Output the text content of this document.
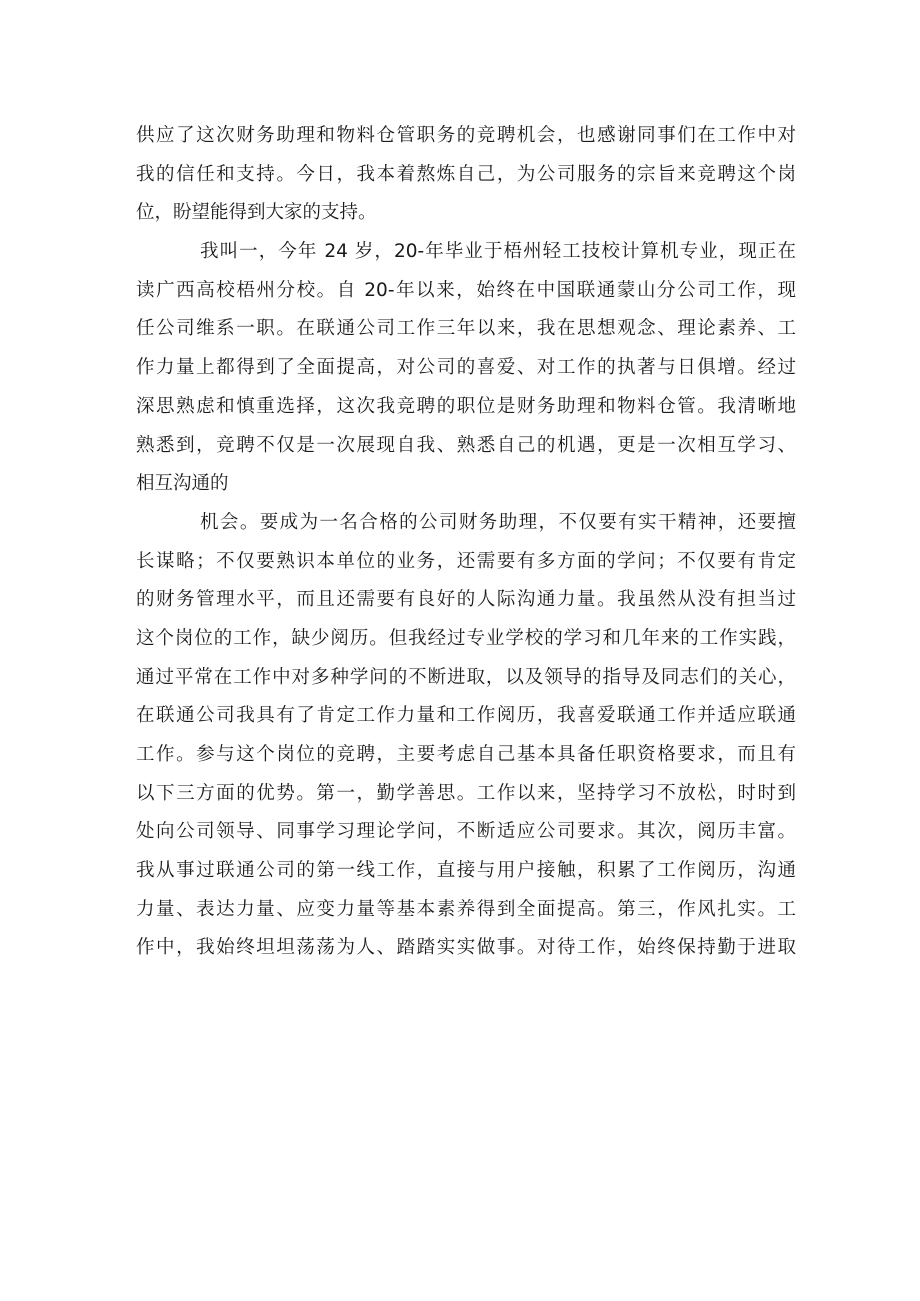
供应了这次财务助理和物料仓管职务的竞聘机会，也感谢同事们在工作中对
我的信任和支持。今日，我本着熬炼自己，为公司服务的宗旨来竞聘这个岗
位，盼望能得到大家的支持。
我叫一，今年 24 岁，20-年毕业于梧州轻工技校计算机专业，现正在
读广西高校梧州分校。自 20-年以来，始终在中国联通蒙山分公司工作，现
任公司维系一职。在联通公司工作三年以来，我在思想观念、理论素养、工
作力量上都得到了全面提高，对公司的喜爱、对工作的执著与日俱增。经过
深思熟虑和慎重选择，这次我竞聘的职位是财务助理和物料仓管。我清晰地
熟悉到，竞聘不仅是一次展现自我、熟悉自己的机遇，更是一次相互学习、
相互沟通的
机会。要成为一名合格的公司财务助理，不仅要有实干精神，还要擅
长谋略；不仅要熟识本单位的业务，还需要有多方面的学问；不仅要有肯定
的财务管理水平，而且还需要有良好的人际沟通力量。我虽然从没有担当过
这个岗位的工作，缺少阅历。但我经过专业学校的学习和几年来的工作实践，
通过平常在工作中对多种学问的不断进取，以及领导的指导及同志们的关心，
在联通公司我具有了肯定工作力量和工作阅历，我喜爱联通工作并适应联通
工作。参与这个岗位的竞聘，主要考虑自己基本具备任职资格要求，而且有
以下三方面的优势。第一，勤学善思。工作以来，坚持学习不放松，时时到
处向公司领导、同事学习理论学问，不断适应公司要求。其次，阅历丰富。
我从事过联通公司的第一线工作，直接与用户接触，积累了工作阅历，沟通
力量、表达力量、应变力量等基本素养得到全面提高。第三，作风扎实。工
作中，我始终坦坦荡荡为人、踏踏实实做事。对待工作，始终保持勤于进取
